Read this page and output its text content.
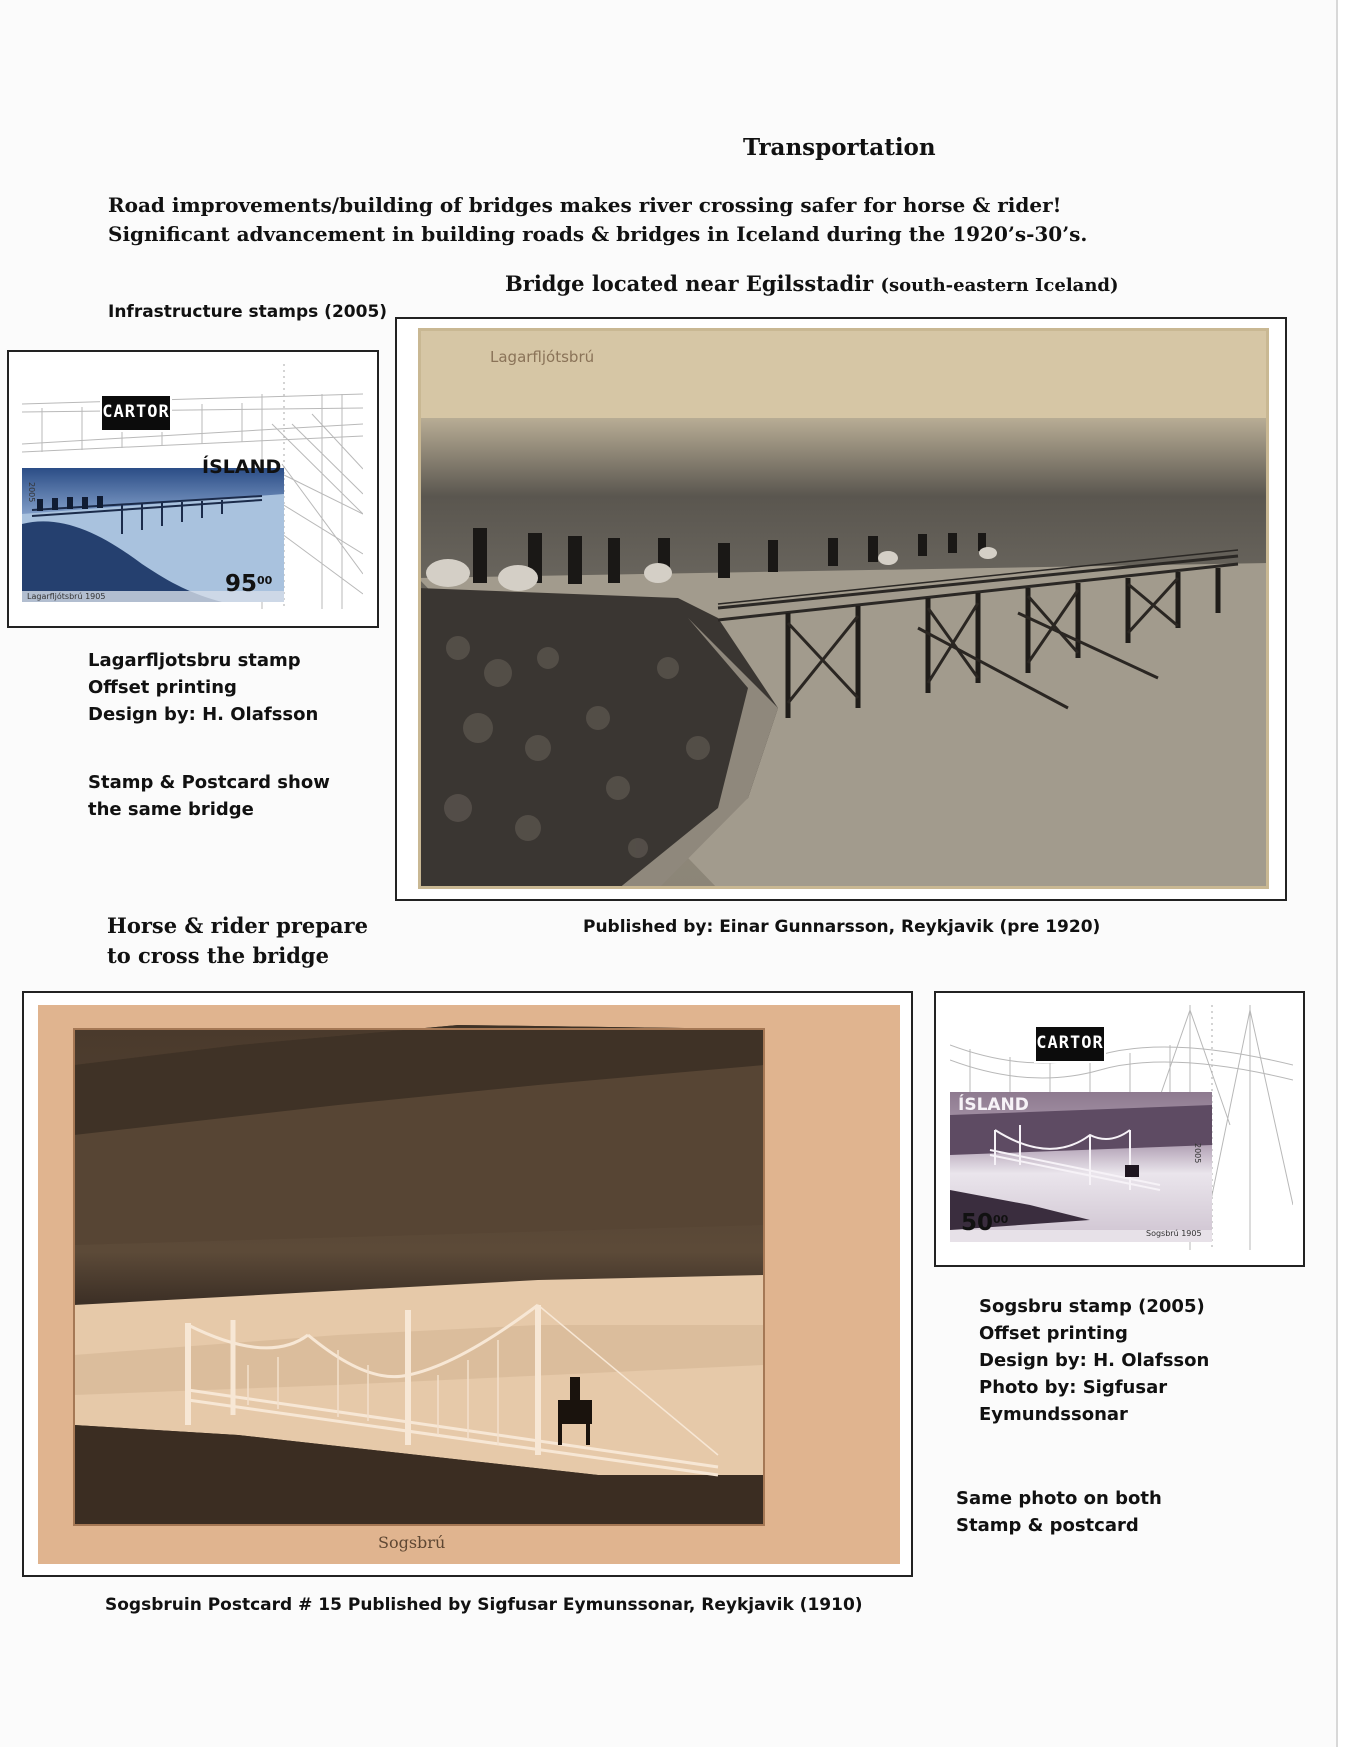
Transportation
Road improvements/building of bridges makes river crossing safer for horse & rider!
Significant advancement in building roads & bridges in Iceland during the 1920’s-30’s.
Bridge located near Egilsstadir (south-eastern Iceland)
Infrastructure stamps (2005)
CARTOR
ÍSLAND
$95^{00}$
Lagarfljótsbrú 1905
2005
Lagarfljotsbru stamp
Offset printing
Design by: H. Olafsson
Stamp & Postcard show
the same bridge
Lagarfljótsbrú
Published by: Einar Gunnarsson, Reykjavik (pre 1920)
Horse & rider prepare
to cross the bridge
Sogsbrú
Sogsbruin Postcard # 15 Published by Sigfusar Eymunssonar, Reykjavik (1910)
CARTOR
ÍSLAND
$50^{00}$
Sogsbrú 1905
2005
Sogsbru stamp (2005)
Offset printing
Design by: H. Olafsson
Photo by: Sigfusar
Eymundssonar
Same photo on both
Stamp & postcard
